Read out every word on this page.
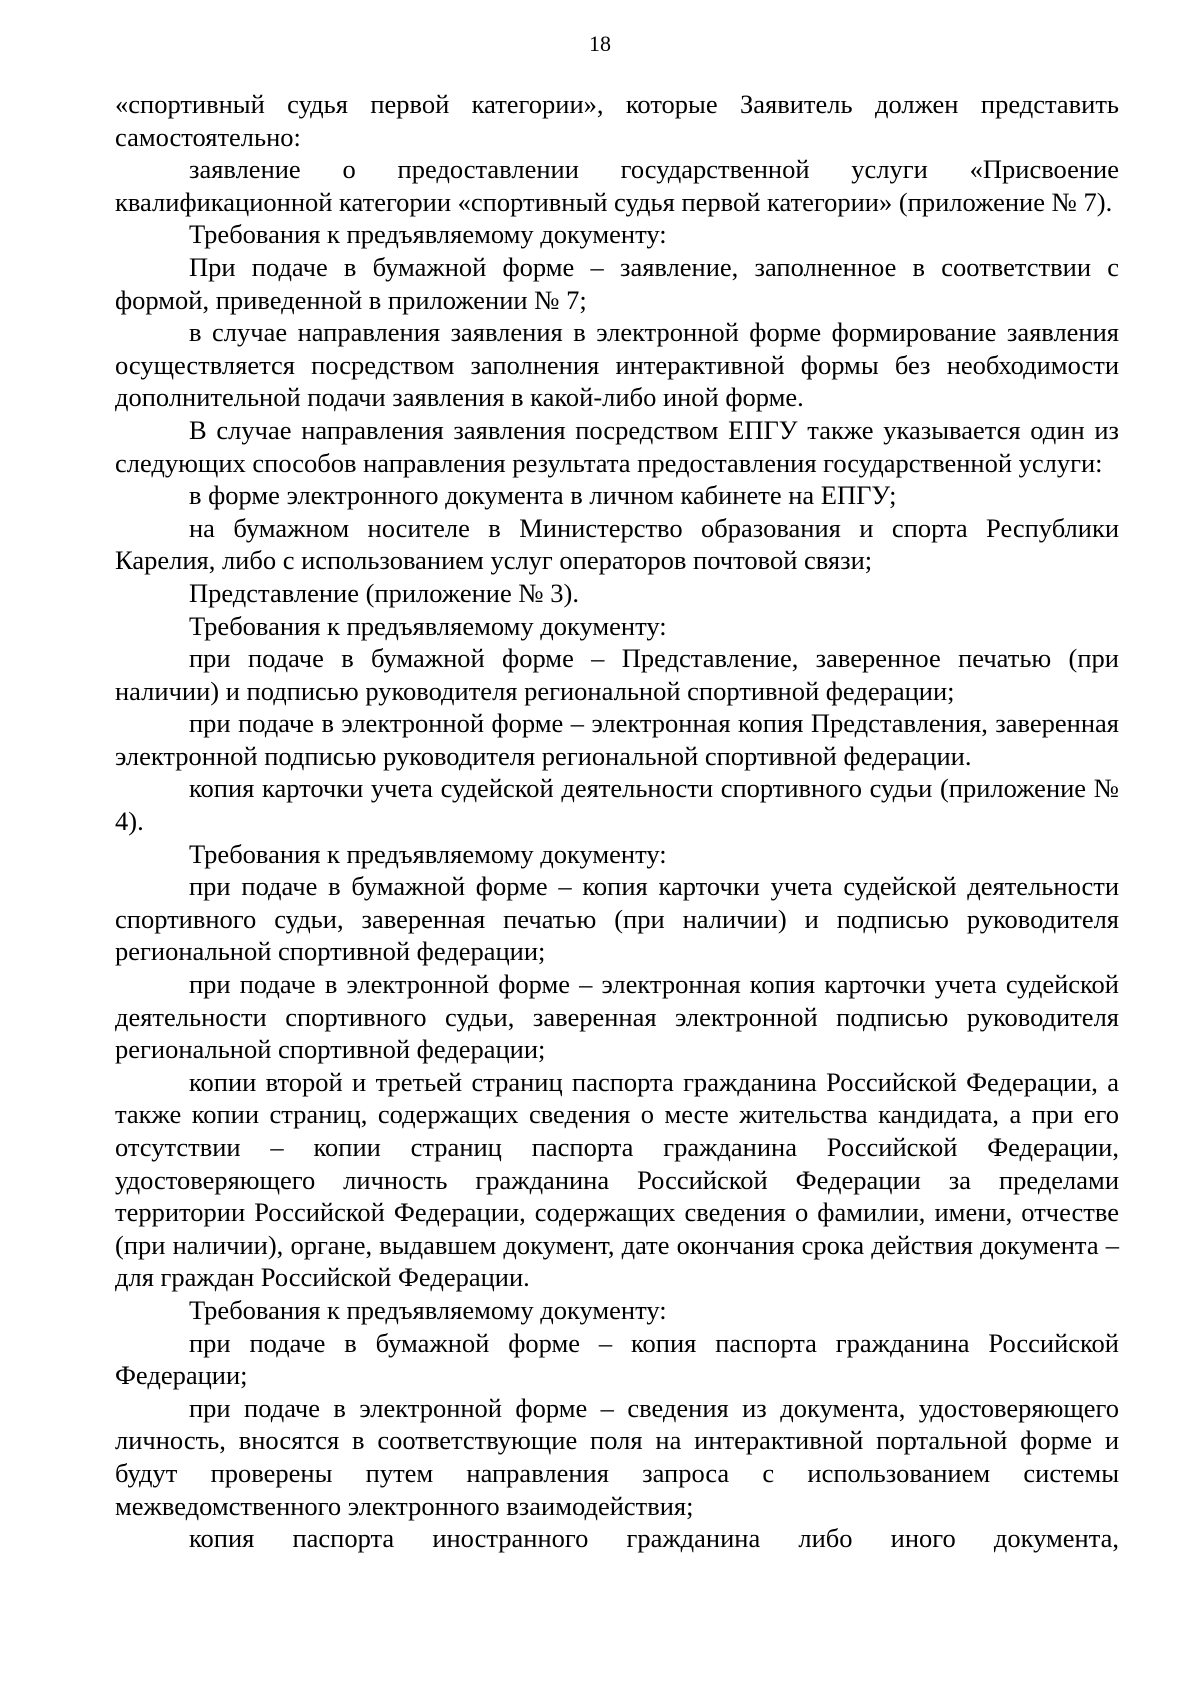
18

«спортивный судья первой категории», которые Заявитель должен представить самостоятельно:

заявление о предоставлении государственной услуги «Присвоение квалификационной категории «спортивный судья первой категории» (приложение № 7).

Требования к предъявляемому документу:

При подаче в бумажной форме – заявление, заполненное в соответствии с формой, приведенной в приложении № 7;

в случае направления заявления в электронной форме формирование заявления осуществляется посредством заполнения интерактивной формы без необходимости дополнительной подачи заявления в какой-либо иной форме.

В случае направления заявления посредством ЕПГУ также указывается один из следующих способов направления результата предоставления государственной услуги:

в форме электронного документа в личном кабинете на ЕПГУ;

на бумажном носителе в Министерство образования и спорта Республики Карелия, либо с использованием услуг операторов почтовой связи;

Представление (приложение № 3).

Требования к предъявляемому документу:

при подаче в бумажной форме – Представление, заверенное печатью (при наличии) и подписью руководителя региональной спортивной федерации;

при подаче в электронной форме – электронная копия Представления, заверенная электронной подписью руководителя региональной спортивной федерации.

копия карточки учета судейской деятельности спортивного судьи (приложение № 4).

Требования к предъявляемому документу:

при подаче в бумажной форме – копия карточки учета судейской деятельности спортивного судьи, заверенная печатью (при наличии) и подписью руководителя региональной спортивной федерации;

при подаче в электронной форме – электронная копия карточки учета судейской деятельности спортивного судьи, заверенная электронной подписью руководителя региональной спортивной федерации;

копии второй и третьей страниц паспорта гражданина Российской Федерации, а также копии страниц, содержащих сведения о месте жительства кандидата, а при его отсутствии – копии страниц паспорта гражданина Российской Федерации, удостоверяющего личность гражданина Российской Федерации за пределами территории Российской Федерации, содержащих сведения о фамилии, имени, отчестве (при наличии), органе, выдавшем документ, дате окончания срока действия документа – для граждан Российской Федерации.

Требования к предъявляемому документу:

при подаче в бумажной форме – копия паспорта гражданина Российской Федерации;

при подаче в электронной форме – сведения из документа, удостоверяющего личность, вносятся в соответствующие поля на интерактивной портальной форме и будут проверены путем направления запроса с использованием системы межведомственного электронного взаимодействия;

копия паспорта иностранного гражданина либо иного документа,
